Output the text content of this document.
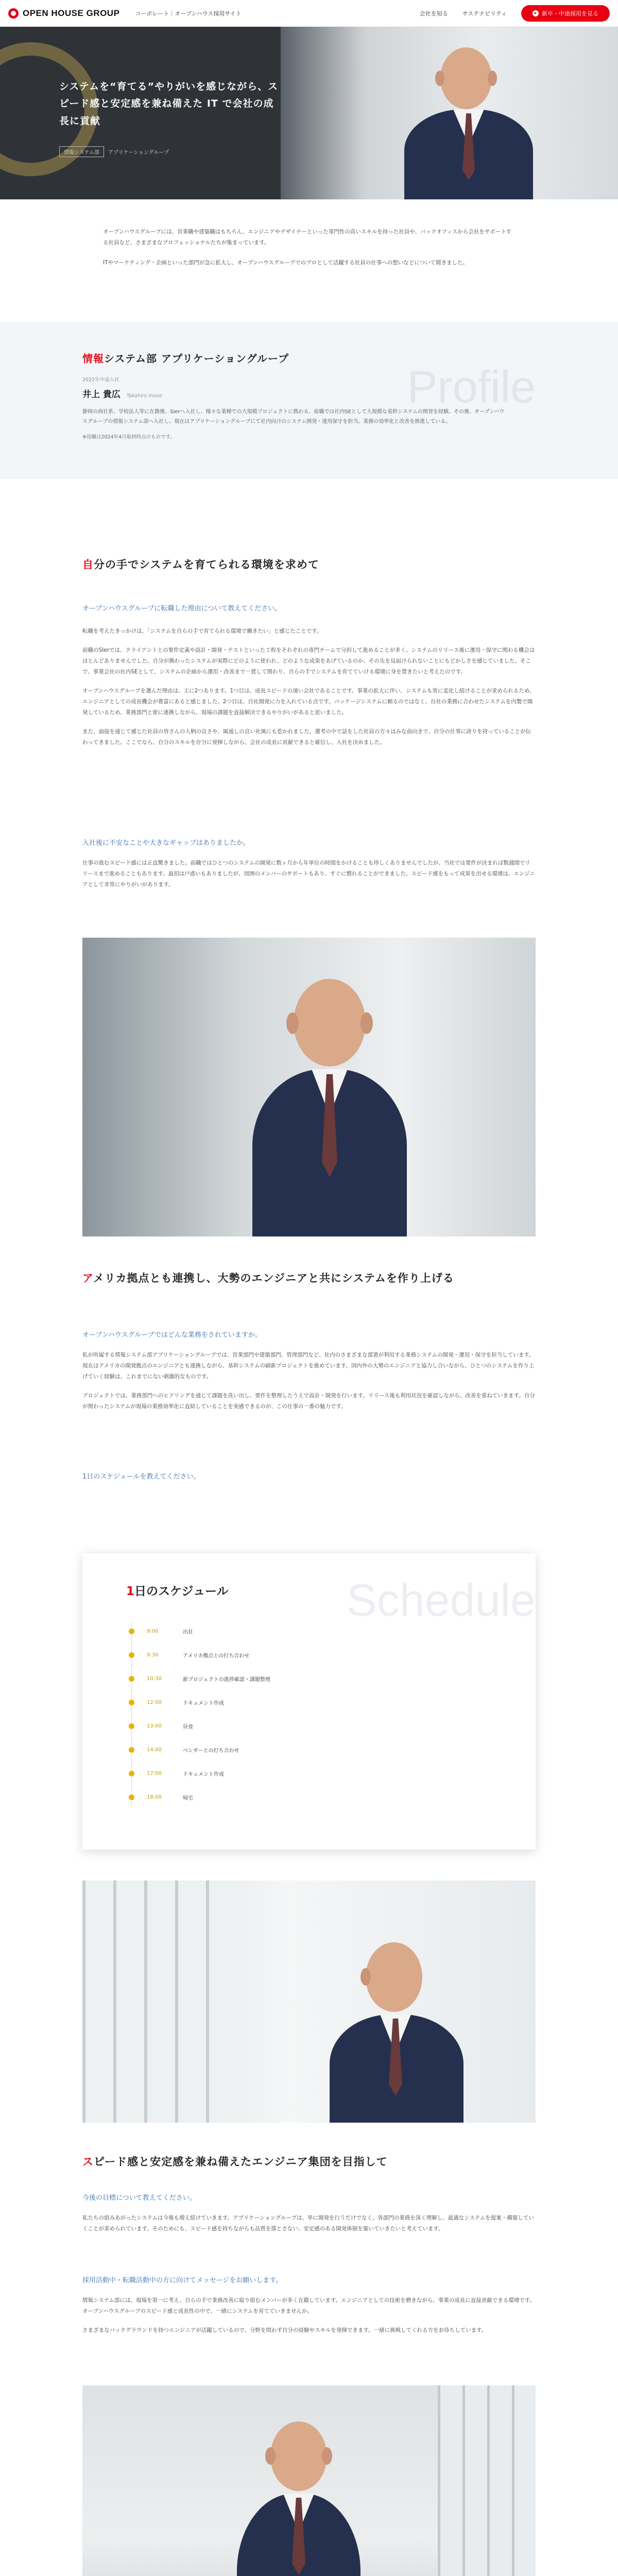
OPEN HOUSE GROUP	コーポレート｜オープンハウス採用サイト	会社を知る	サステナビリティ	▸ 新卒・中途採用を見る
システムを“育てる”やりがいを感じながら、スピード感と安定感を兼ね備えた IT で会社の成長に貢献
情報システム部	アプリケーショングループ

オープンハウスグループには、営業職や建築職はもちろん、エンジニアやデザイナーといった専門性の高いスキルを持った社員や、バックオフィスから会社をサポートする社員など、さまざまなプロフェッショナルたちが集まっています。

ITやマーケティング・企画といった部門が急に拡大し、オープンハウスグループでのプロとして活躍する社員の仕事への想いなどについて聞きました。

Profile
情報システム部 アプリケーショングループ
2022年中途入社
井上 貴広 Takahiro Inoue

静岡の商社系、学校法人等に在籍後、SIerへ入社し、様々な業種での大規模プロジェクトに携わる。前職では社内SEとして大規模な基幹システムの開発を経験。その後、オープンハウスグループの情報システム部へ入社し、現在はアプリケーショングループにて社内向けのシステム開発・運用保守を担当。業務の効率化と改善を推進している。

※役職は2024年4月取材時点のものです。

自分の手でシステムを育てられる環境を求めて
オープンハウスグループに転職した理由について教えてください。

転職を考えたきっかけは、「システムを自らの手で育てられる環境で働きたい」と感じたことです。

前職のSIerでは、クライアントとの要件定義や設計・開発・テストといった工程をそれぞれの専門チームで分担して進めることが多く、システムのリリース後に運用・保守に関わる機会はほとんどありませんでした。自分が携わったシステムが実際にどのように使われ、どのような成果をあげているのか、その先を見届けられないことにもどかしさを感じていました。そこで、事業会社の社内SEとして、システムの企画から運用・改善まで一貫して関わり、自らの手でシステムを育てていける環境に身を置きたいと考えたのです。

オープンハウスグループを選んだ理由は、主に2つあります。1つ目は、成長スピードの速い会社であることです。事業の拡大に伴い、システムも常に変化し続けることが求められるため、エンジニアとしての成長機会が豊富にあると感じました。2つ目は、自社開発に力を入れている点です。パッケージシステムに頼るのではなく、自社の業務に合わせたシステムを内製で開発しているため、業務部門と密に連携しながら、現場の課題を直接解決できるやりがいがあると思いました。

また、面接を通じて感じた社員の皆さんの人柄の良さや、風通しの良い社風にも惹かれました。選考の中で話をした社員の方々はみな前向きで、自分の仕事に誇りを持っていることが伝わってきました。ここでなら、自分のスキルを存分に発揮しながら、会社の成長に貢献できると確信し、入社を決めました。

入社後に不安なことや大きなギャップはありましたか。

仕事の進むスピード感には正直驚きました。前職ではひとつのシステムの開発に数ヶ月から年単位の時間をかけることも珍しくありませんでしたが、当社では要件が決まれば数週間でリリースまで進めることもあります。最初は戸惑いもありましたが、周囲のメンバーのサポートもあり、すぐに慣れることができました。スピード感をもって成果を出せる環境は、エンジニアとして非常にやりがいがあります。

アメリカ拠点とも連携し、大勢のエンジニアと共にシステムを作り上げる
オープンハウスグループではどんな業務をされていますか。

私が所属する情報システム部アプリケーショングループでは、営業部門や建築部門、管理部門など、社内のさまざまな部署が利用する業務システムの開発・運用・保守を担当しています。現在はアメリカの開発拠点のエンジニアとも連携しながら、基幹システムの刷新プロジェクトを進めています。国内外の大勢のエンジニアと協力し合いながら、ひとつのシステムを作り上げていく経験は、これまでにない刺激的なものです。

プロジェクトでは、業務部門へのヒアリングを通じて課題を洗い出し、要件を整理したうえで設計・開発を行います。リリース後も利用状況を確認しながら、改善を重ねていきます。自分が関わったシステムが現場の業務効率化に直結していることを実感できるのが、この仕事の一番の魅力です。

1日のスケジュールを教えてください。
Schedule
1日のスケジュール
9:00	出社
9:30	アメリカ拠点との打ち合わせ
10:30	新プロジェクトの進捗確認・課題整理
12:00	ドキュメント作成
13:00	昼食
14:00	ベンダーとの打ち合わせ
17:00	ドキュメント作成
18:00	帰宅
スピード感と安定感を兼ね備えたエンジニア集団を目指して
今後の目標について教えてください。

私たちの組みあがったシステムは今後も増え続けていきます。アプリケーショングループは、単に開発を行うだけでなく、各部門の業務を深く理解し、最適なシステムを提案・構築していくことが求められています。そのためにも、スピード感を持ちながらも品質を落とさない、安定感のある開発体制を築いていきたいと考えています。

採用活動中・転職活動中の方に向けてメッセージをお願いします。

情報システム部には、現場を第一に考え、自らの手で業務改善に取り組むメンバーが多く在籍しています。エンジニアとしての技術を磨きながら、事業の成長に直接貢献できる環境です。オープンハウスグループのスピード感と成長性の中で、一緒にシステムを育てていきませんか。

さまざまなバックグラウンドを持つエンジニアが活躍しているので、分野を問わず自分の経験やスキルを発揮できます。一緒に挑戦してくれる方をお待ちしています。
